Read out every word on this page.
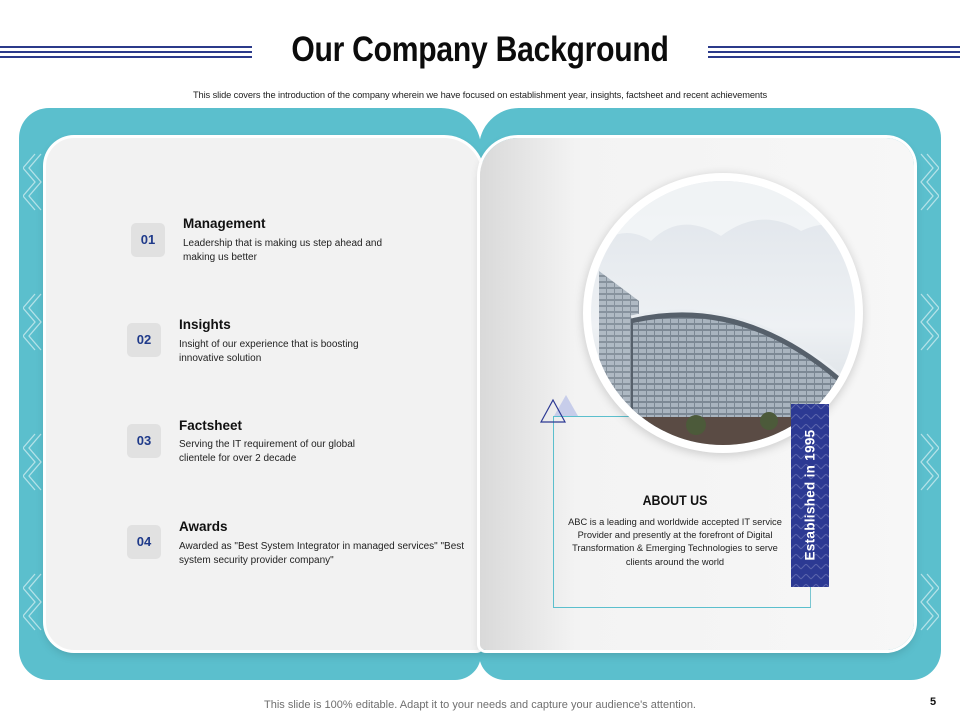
Our Company Background
This slide covers the introduction of the company wherein we have focused on establishment year, insights, factsheet and recent achievements
01
Management
Leadership that is making us step ahead and making us better
02
Insights
Insight of our experience that is boosting innovative solution
03
Factsheet
Serving the IT requirement of our global clientele for over 2 decade
04
Awards
Awarded as "Best System Integrator in managed services" "Best system security provider company"	Established in 1995
ABOUT US
ABC is a leading and worldwide accepted IT service Provider and presently at the forefront of Digital Transformation & Emerging Technologies to serve clients around the world
This slide is 100% editable. Adapt it to your needs and capture your audience's attention.	5
